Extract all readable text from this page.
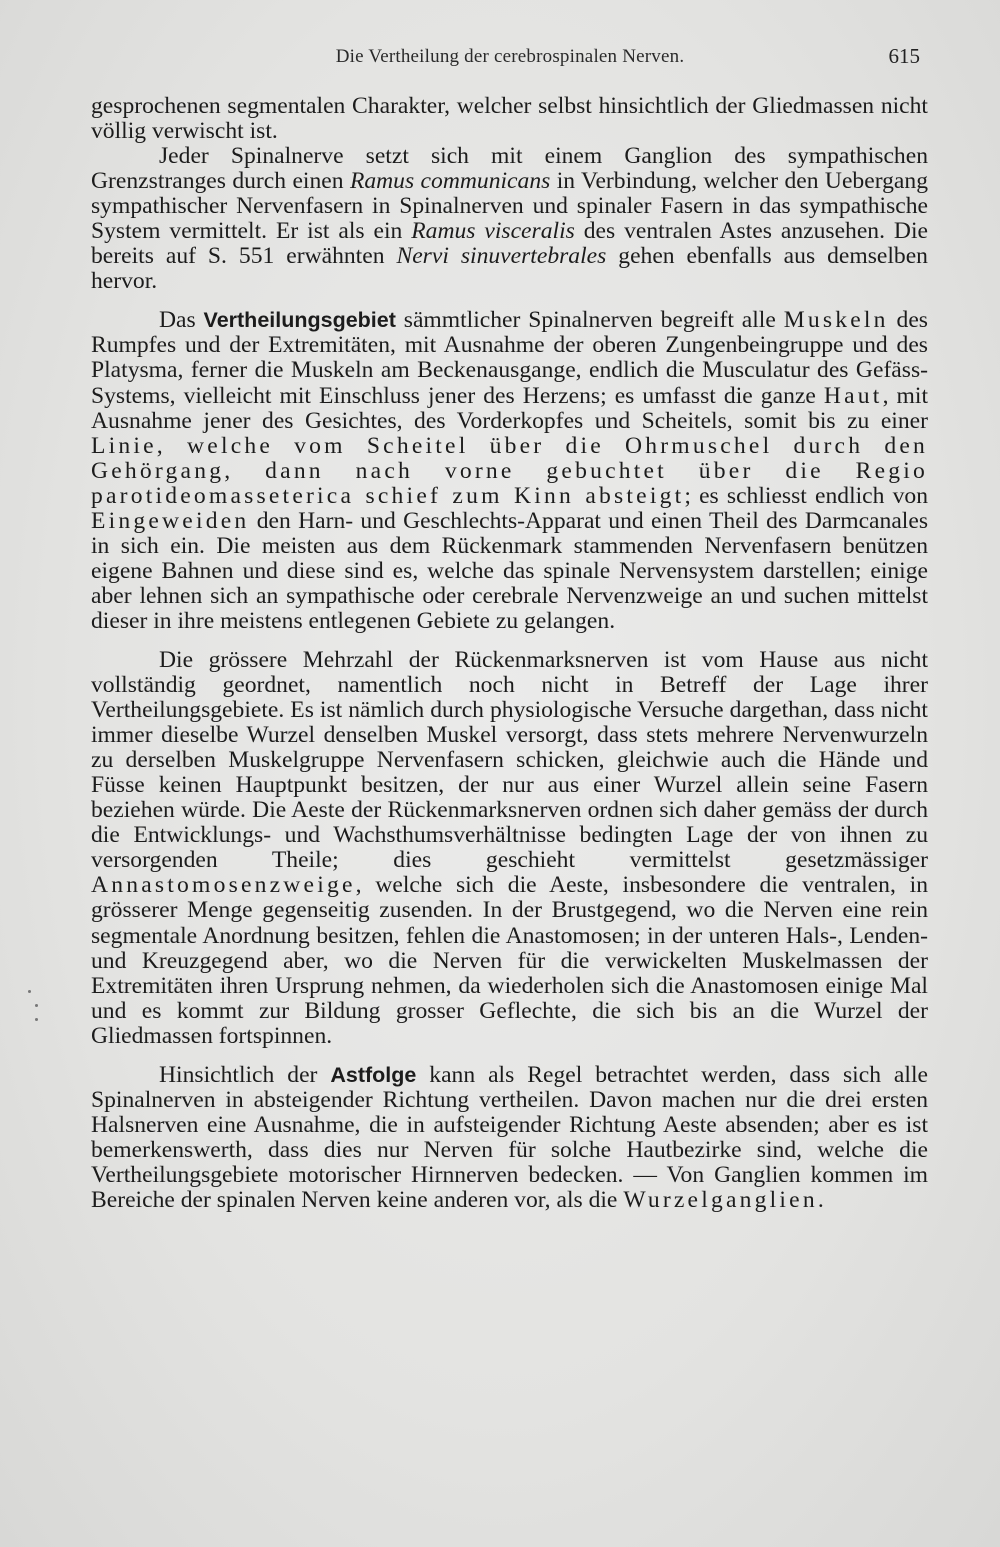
Die Vertheilung der cerebrospinalen Nerven.	615

gesprochenen segmentalen Charakter, welcher selbst hinsichtlich der Gliedmassen nicht völlig verwischt ist.

Jeder Spinalnerve setzt sich mit einem Ganglion des sympathischen Grenzstranges durch einen Ramus communicans in Verbindung, welcher den Uebergang sympathischer Nervenfasern in Spinalnerven und spinaler Fasern in das sympathische System vermittelt. Er ist als ein Ramus visceralis des ventralen Astes anzusehen. Die bereits auf S. 551 erwähnten Nervi sinuvertebrales gehen ebenfalls aus demselben hervor.

Das Vertheilungsgebiet sämmtlicher Spinalnerven begreift alle Muskeln des Rumpfes und der Extremitäten, mit Ausnahme der oberen Zungenbeingruppe und des Platysma, ferner die Muskeln am Beckenausgange, endlich die Musculatur des Gefäss-Systems, vielleicht mit Einschluss jener des Herzens; es umfasst die ganze Haut, mit Ausnahme jener des Gesichtes, des Vorderkopfes und Scheitels, somit bis zu einer Linie, welche vom Scheitel über die Ohrmuschel durch den Gehörgang, dann nach vorne gebuchtet über die Regio parotideomasseterica schief zum Kinn absteigt; es schliesst endlich von Eingeweiden den Harn- und Geschlechts-Apparat und einen Theil des Darmcanales in sich ein. Die meisten aus dem Rückenmark stammenden Nervenfasern benützen eigene Bahnen und diese sind es, welche das spinale Nervensystem darstellen; einige aber lehnen sich an sympathische oder cerebrale Nervenzweige an und suchen mittelst dieser in ihre meistens entlegenen Gebiete zu gelangen.

Die grössere Mehrzahl der Rückenmarksnerven ist vom Hause aus nicht vollständig geordnet, namentlich noch nicht in Betreff der Lage ihrer Vertheilungsgebiete. Es ist nämlich durch physiologische Versuche dargethan, dass nicht immer dieselbe Wurzel denselben Muskel versorgt, dass stets mehrere Nervenwurzeln zu derselben Muskelgruppe Nervenfasern schicken, gleichwie auch die Hände und Füsse keinen Hauptpunkt besitzen, der nur aus einer Wurzel allein seine Fasern beziehen würde. Die Aeste der Rückenmarksnerven ordnen sich daher gemäss der durch die Entwicklungs- und Wachsthumsverhältnisse bedingten Lage der von ihnen zu versorgenden Theile; dies geschieht vermittelst gesetzmässiger Annastomosenzweige, welche sich die Aeste, insbesondere die ventralen, in grösserer Menge gegenseitig zusenden. In der Brustgegend, wo die Nerven eine rein segmentale Anordnung besitzen, fehlen die Anastomosen; in der unteren Hals-, Lenden- und Kreuzgegend aber, wo die Nerven für die verwickelten Muskelmassen der Extremitäten ihren Ursprung nehmen, da wiederholen sich die Anastomosen einige Mal und es kommt zur Bildung grosser Geflechte, die sich bis an die Wurzel der Gliedmassen fortspinnen.

Hinsichtlich der Astfolge kann als Regel betrachtet werden, dass sich alle Spinalnerven in absteigender Richtung vertheilen. Davon machen nur die drei ersten Halsnerven eine Ausnahme, die in aufsteigender Richtung Aeste absenden; aber es ist bemerkenswerth, dass dies nur Nerven für solche Hautbezirke sind, welche die Vertheilungsgebiete motorischer Hirnnerven bedecken. — Von Ganglien kommen im Bereiche der spinalen Nerven keine anderen vor, als die Wurzelganglien.
